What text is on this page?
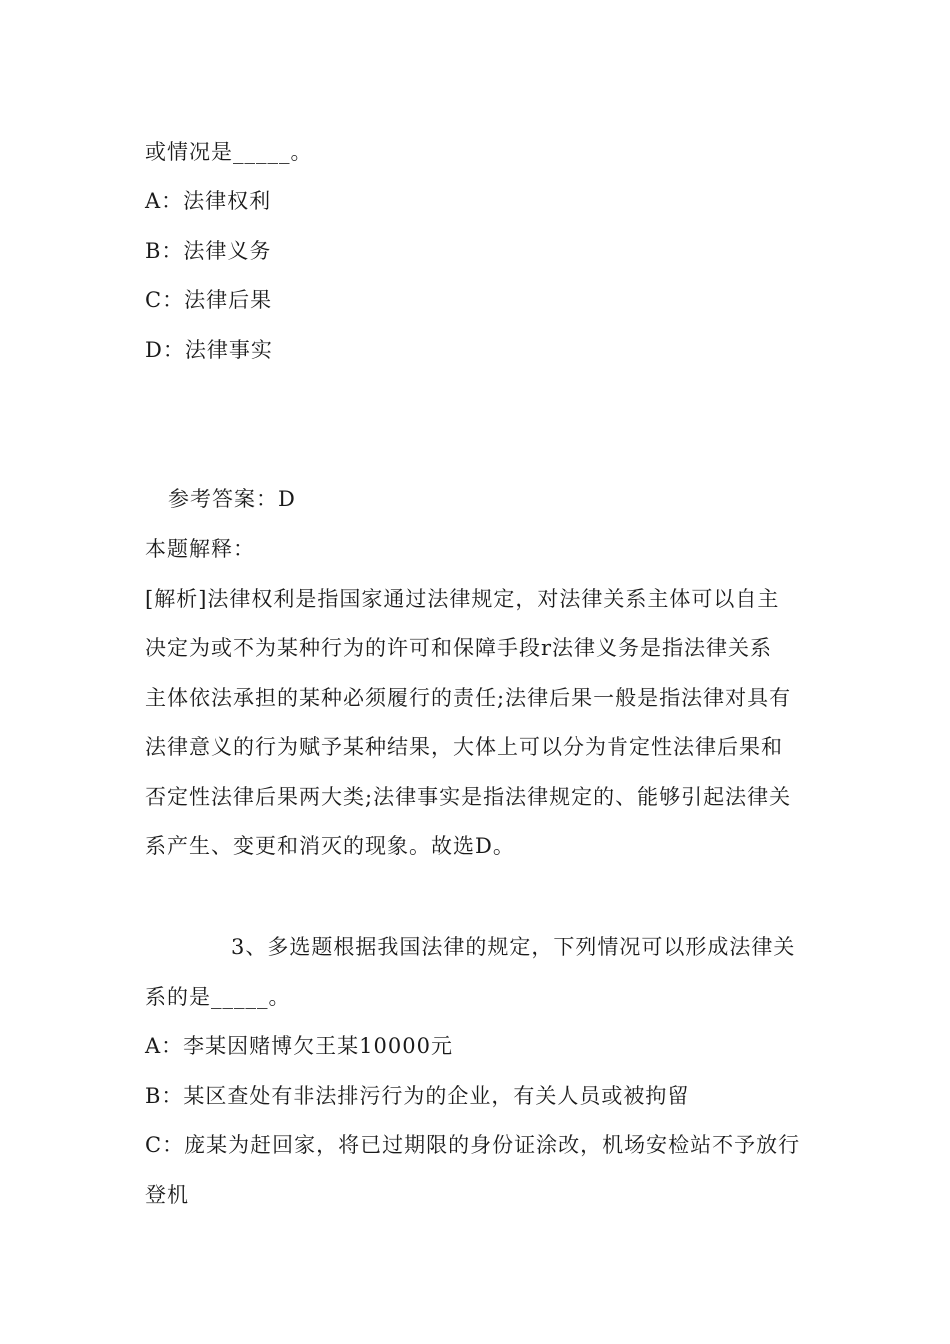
或情况是_____。
A：法律权利
B：法律义务
C：法律后果
D：法律事实
参考答案：D
本题解释：
[解析]法律权利是指国家通过法律规定，对法律关系主体可以自主
决定为或不为某种行为的许可和保障手段r法律义务是指法律关系
主体依法承担的某种必须履行的责任;法律后果一般是指法律对具有
法律意义的行为赋予某种结果，大体上可以分为肯定性法律后果和
否定性法律后果两大类;法律事实是指法律规定的、能够引起法律关
系产生、变更和消灭的现象。故选D。
3、多选题根据我国法律的规定，下列情况可以形成法律关
系的是_____。
A：李某因赌博欠王某10000元
B：某区查处有非法排污行为的企业，有关人员或被拘留
C：庞某为赶回家，将已过期限的身份证涂改，机场安检站不予放行
登机
